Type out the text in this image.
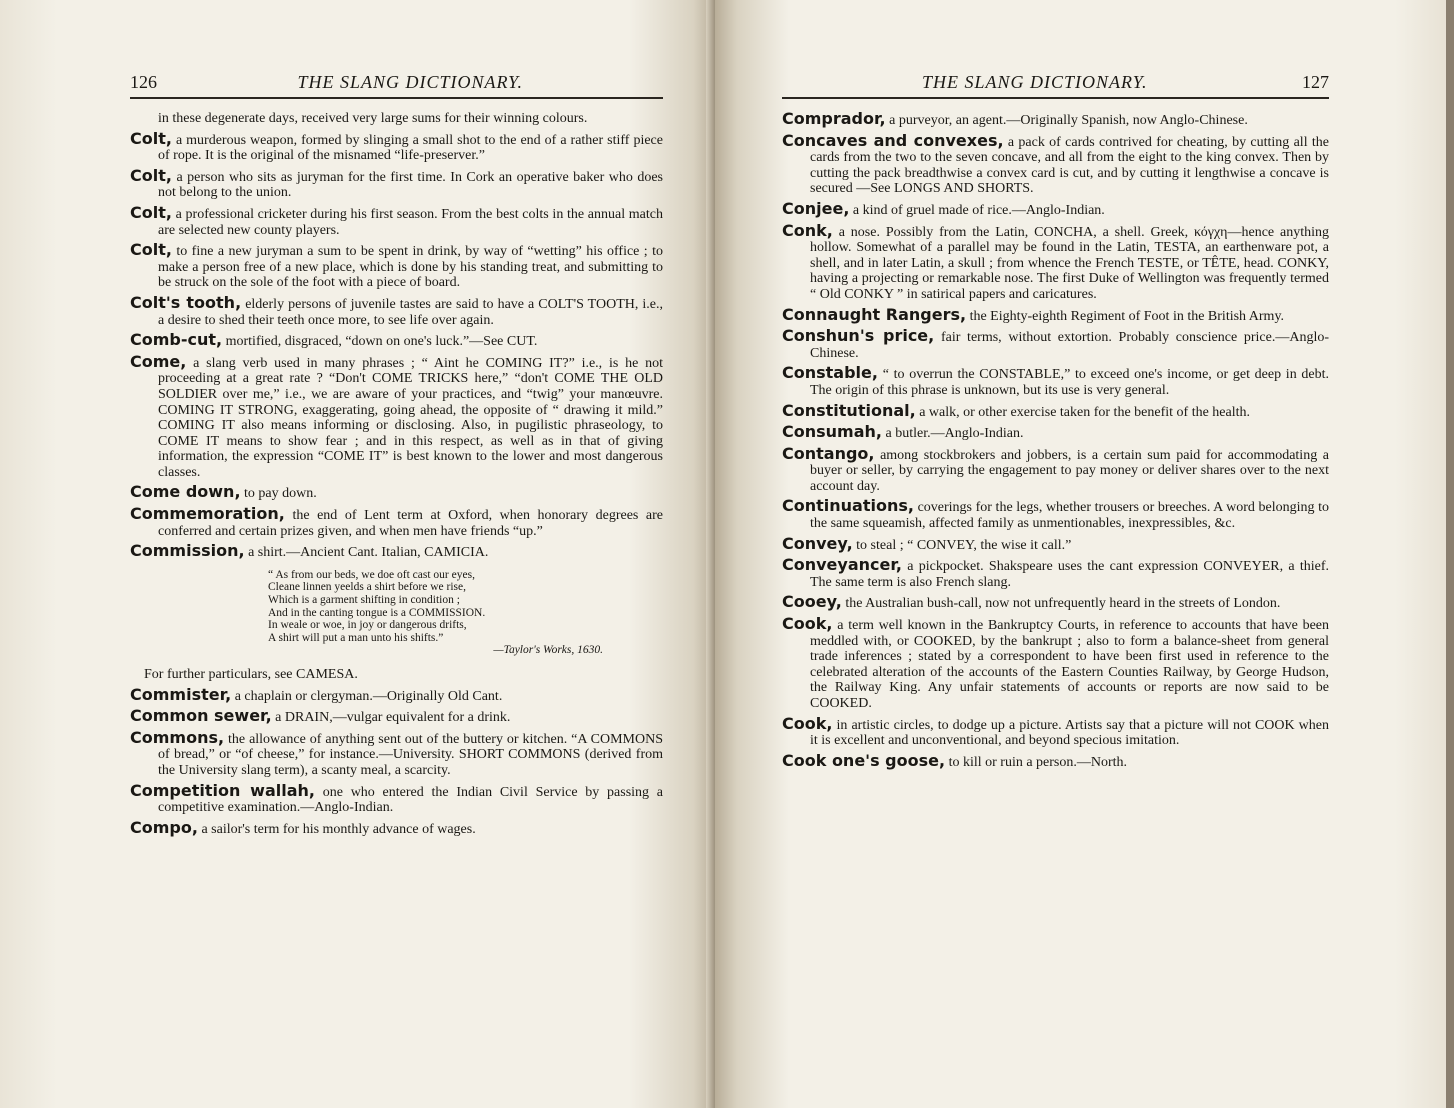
126	THE SLANG DICTIONARY.

in these degenerate days, received very large sums for their winning colours.

Colt, a murderous weapon, formed by slinging a small shot to the end of a rather stiff piece of rope. It is the original of the misnamed “life-preserver.”

Colt, a person who sits as juryman for the first time. In Cork an operative baker who does not belong to the union.

Colt, a professional cricketer during his first season. From the best colts in the annual match are selected new county players.

Colt, to fine a new juryman a sum to be spent in drink, by way of “wetting” his office ; to make a person free of a new place, which is done by his standing treat, and submitting to be struck on the sole of the foot with a piece of board.

Colt's tooth, elderly persons of juvenile tastes are said to have a COLT'S TOOTH, i.e., a desire to shed their teeth once more, to see life over again.

Comb-cut, mortified, disgraced, “down on one's luck.”—See CUT.

Come, a slang verb used in many phrases ; “ Aint he COMING IT?” i.e., is he not proceeding at a great rate ? “Don't COME TRICKS here,” “don't COME THE OLD SOLDIER over me,” i.e., we are aware of your practices, and “twig” your manœuvre. COMING IT STRONG, exaggerating, going ahead, the opposite of “ drawing it mild.” COMING IT also means informing or disclosing. Also, in pugilistic phraseology, to COME IT means to show fear ; and in this respect, as well as in that of giving information, the expression “COME IT” is best known to the lower and most dangerous classes.

Come down, to pay down.

Commemoration, the end of Lent term at Oxford, when honorary degrees are conferred and certain prizes given, and when men have friends “up.”

Commission, a shirt.—Ancient Cant. Italian, CAMICIA.

“ As from our beds, we doe oft cast our eyes,
Cleane linnen yeelds a shirt before we rise,
Which is a garment shifting in condition ;
And in the canting tongue is a COMMISSION.
In weale or woe, in joy or dangerous drifts,
A shirt will put a man unto his shifts.”
—Taylor's Works, 1630.

For further particulars, see CAMESA.

Commister, a chaplain or clergyman.—Originally Old Cant.

Common sewer, a DRAIN,—vulgar equivalent for a drink.

Commons, the allowance of anything sent out of the buttery or kitchen. “A COMMONS of bread,” or “of cheese,” for instance.—University. SHORT COMMONS (derived from the University slang term), a scanty meal, a scarcity.

Competition wallah, one who entered the Indian Civil Service by passing a competitive examination.—Anglo-Indian.

Compo, a sailor's term for his monthly advance of wages.

THE SLANG DICTIONARY.	127

Comprador, a purveyor, an agent.—Originally Spanish, now Anglo-Chinese.

Concaves and convexes, a pack of cards contrived for cheating, by cutting all the cards from the two to the seven concave, and all from the eight to the king convex. Then by cutting the pack breadthwise a convex card is cut, and by cutting it lengthwise a concave is secured —See LONGS AND SHORTS.

Conjee, a kind of gruel made of rice.—Anglo-Indian.

Conk, a nose. Possibly from the Latin, CONCHA, a shell. Greek, κόγχη—hence anything hollow. Somewhat of a parallel may be found in the Latin, TESTA, an earthenware pot, a shell, and in later Latin, a skull ; from whence the French TESTE, or TÊTE, head. CONKY, having a projecting or remarkable nose. The first Duke of Wellington was frequently termed “ Old CONKY ” in satirical papers and caricatures.

Connaught Rangers, the Eighty-eighth Regiment of Foot in the British Army.

Conshun's price, fair terms, without extortion. Probably conscience price.—Anglo-Chinese.

Constable, “ to overrun the CONSTABLE,” to exceed one's income, or get deep in debt. The origin of this phrase is unknown, but its use is very general.

Constitutional, a walk, or other exercise taken for the benefit of the health.

Consumah, a butler.—Anglo-Indian.

Contango, among stockbrokers and jobbers, is a certain sum paid for accommodating a buyer or seller, by carrying the engagement to pay money or deliver shares over to the next account day.

Continuations, coverings for the legs, whether trousers or breeches. A word belonging to the same squeamish, affected family as unmentionables, inexpressibles, &c.

Convey, to steal ; “ CONVEY, the wise it call.”

Conveyancer, a pickpocket. Shakspeare uses the cant expression CONVEYER, a thief. The same term is also French slang.

Cooey, the Australian bush-call, now not unfrequently heard in the streets of London.

Cook, a term well known in the Bankruptcy Courts, in reference to accounts that have been meddled with, or COOKED, by the bankrupt ; also to form a balance-sheet from general trade inferences ; stated by a correspondent to have been first used in reference to the celebrated alteration of the accounts of the Eastern Counties Railway, by George Hudson, the Railway King. Any unfair statements of accounts or reports are now said to be COOKED.

Cook, in artistic circles, to dodge up a picture. Artists say that a picture will not COOK when it is excellent and unconventional, and beyond specious imitation.

Cook one's goose, to kill or ruin a person.—North.
